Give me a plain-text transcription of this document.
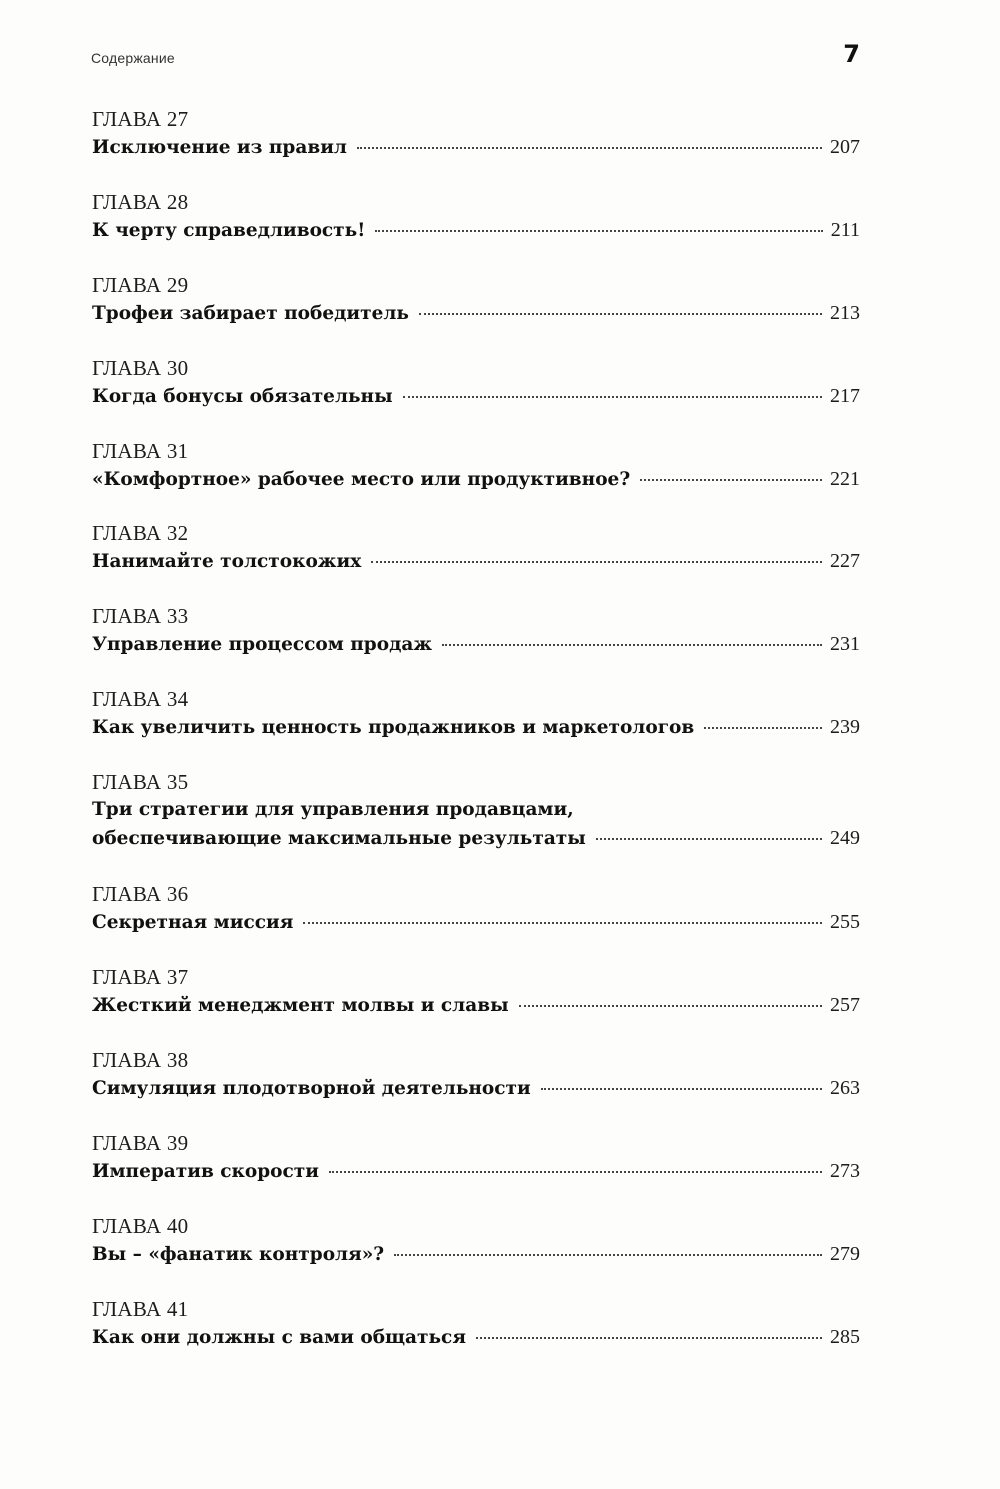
Содержание	7
ГЛАВА 27
Исключение из правил	207
ГЛАВА 28
К черту справедливость!	211
ГЛАВА 29
Трофеи забирает победитель	213
ГЛАВА 30
Когда бонусы обязательны	217
ГЛАВА 31
«Комфортное» рабочее место или продуктивное?	221
ГЛАВА 32
Нанимайте толстокожих	227
ГЛАВА 33
Управление процессом продаж	231
ГЛАВА 34
Как увеличить ценность продажников и маркетологов	239
ГЛАВА 35
Три стратегии для управления продавцами,
обеспечивающие максимальные результаты	249
ГЛАВА 36
Секретная миссия	255
ГЛАВА 37
Жесткий менеджмент молвы и славы	257
ГЛАВА 38
Симуляция плодотворной деятельности	263
ГЛАВА 39
Императив скорости	273
ГЛАВА 40
Вы – «фанатик контроля»?	279
ГЛАВА 41
Как они должны с вами общаться	285
